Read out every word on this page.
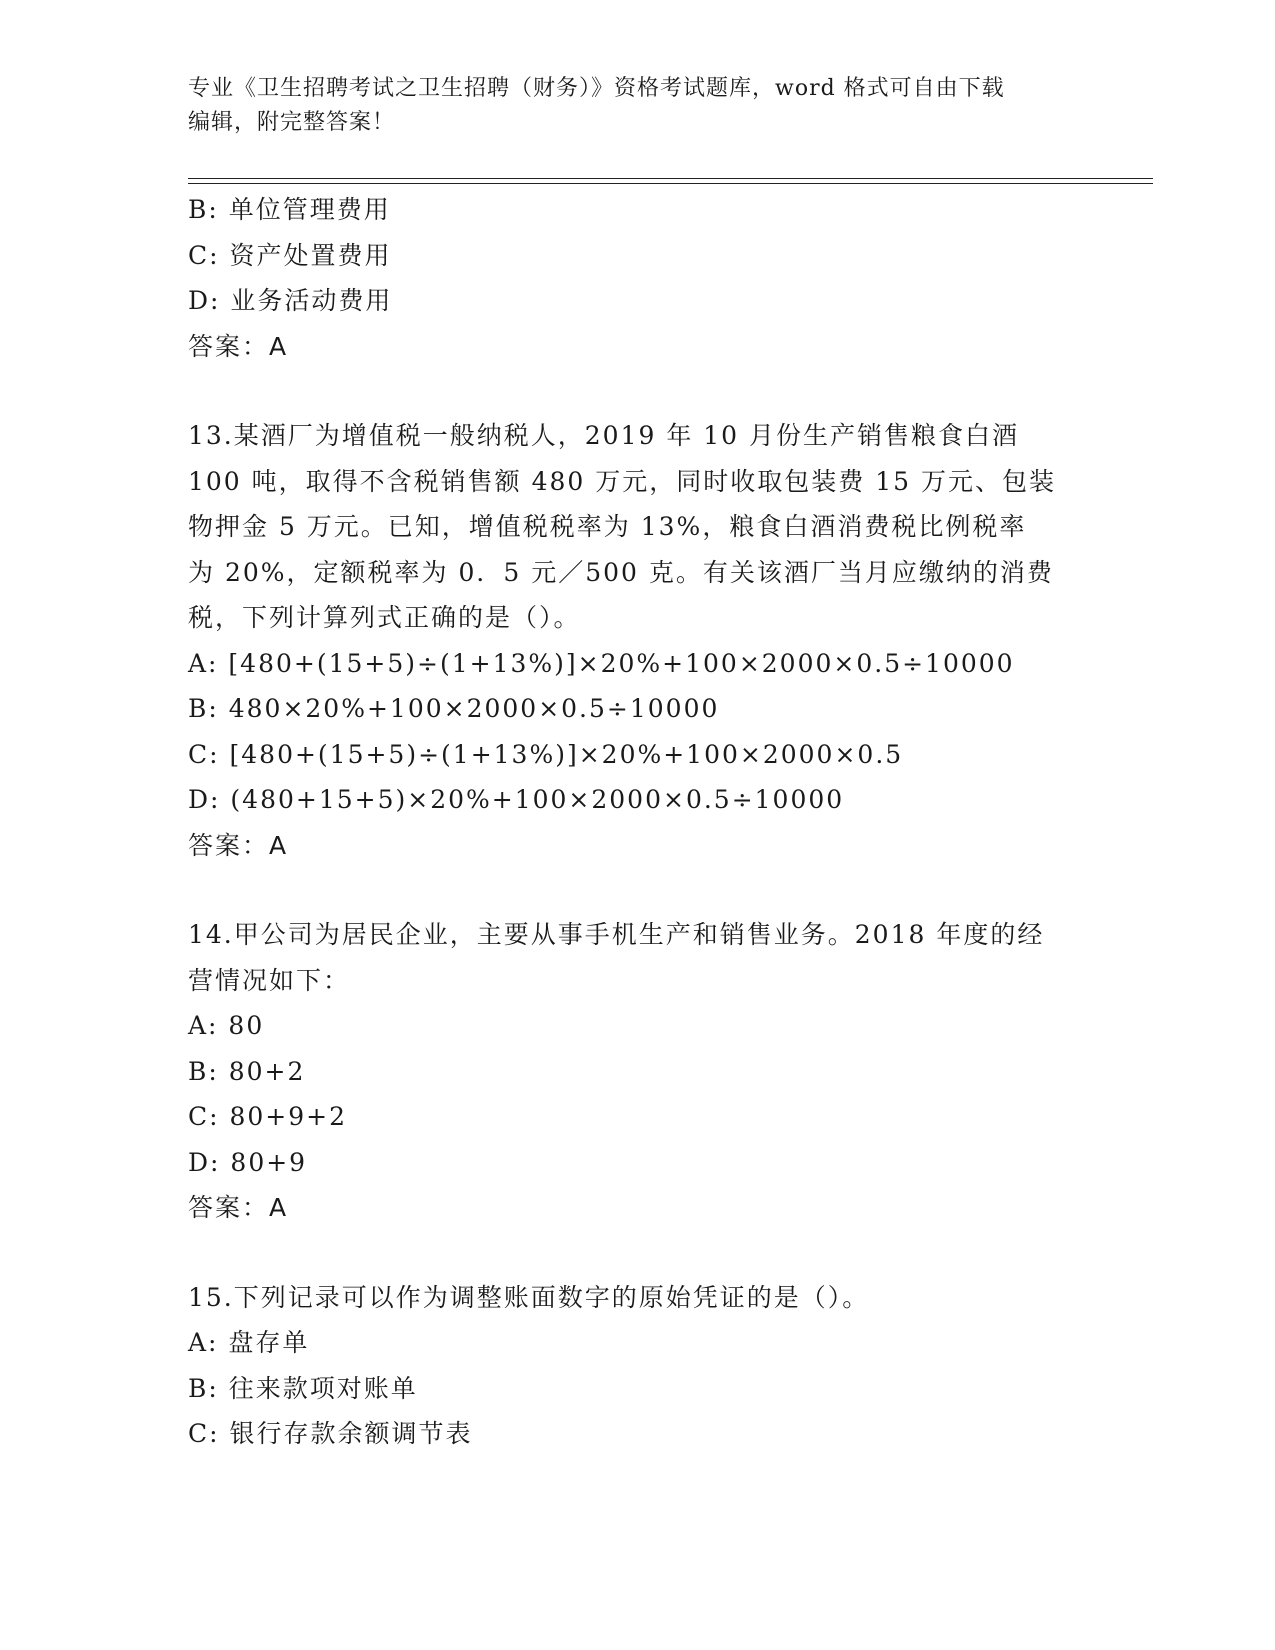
专业《卫生招聘考试之卫生招聘（财务）》资格考试题库，word 格式可自由下载
编辑，附完整答案！
B: 单位管理费用
C: 资产处置费用
D: 业务活动费用
答案：A
13.某酒厂为增值税一般纳税人，2019 年 10 月份生产销售粮食白酒
100 吨，取得不含税销售额 480 万元，同时收取包装费 15 万元、包装
物押金 5 万元。已知，增值税税率为 13%，粮食白酒消费税比例税率
为 20%，定额税率为 0．5 元／500 克。有关该酒厂当月应缴纳的消费
税，下列计算列式正确的是（）。
A: [480+(15+5)÷(1+13%)]×20%+100×2000×0.5÷10000
B: 480×20%+100×2000×0.5÷10000
C: [480+(15+5)÷(1+13%)]×20%+100×2000×0.5
D: (480+15+5)×20%+100×2000×0.5÷10000
答案：A
14.甲公司为居民企业，主要从事手机生产和销售业务。2018 年度的经
营情况如下：
A: 80
B: 80+2
C: 80+9+2
D: 80+9
答案：A
15.下列记录可以作为调整账面数字的原始凭证的是（）。
A: 盘存单
B: 往来款项对账单
C: 银行存款余额调节表
